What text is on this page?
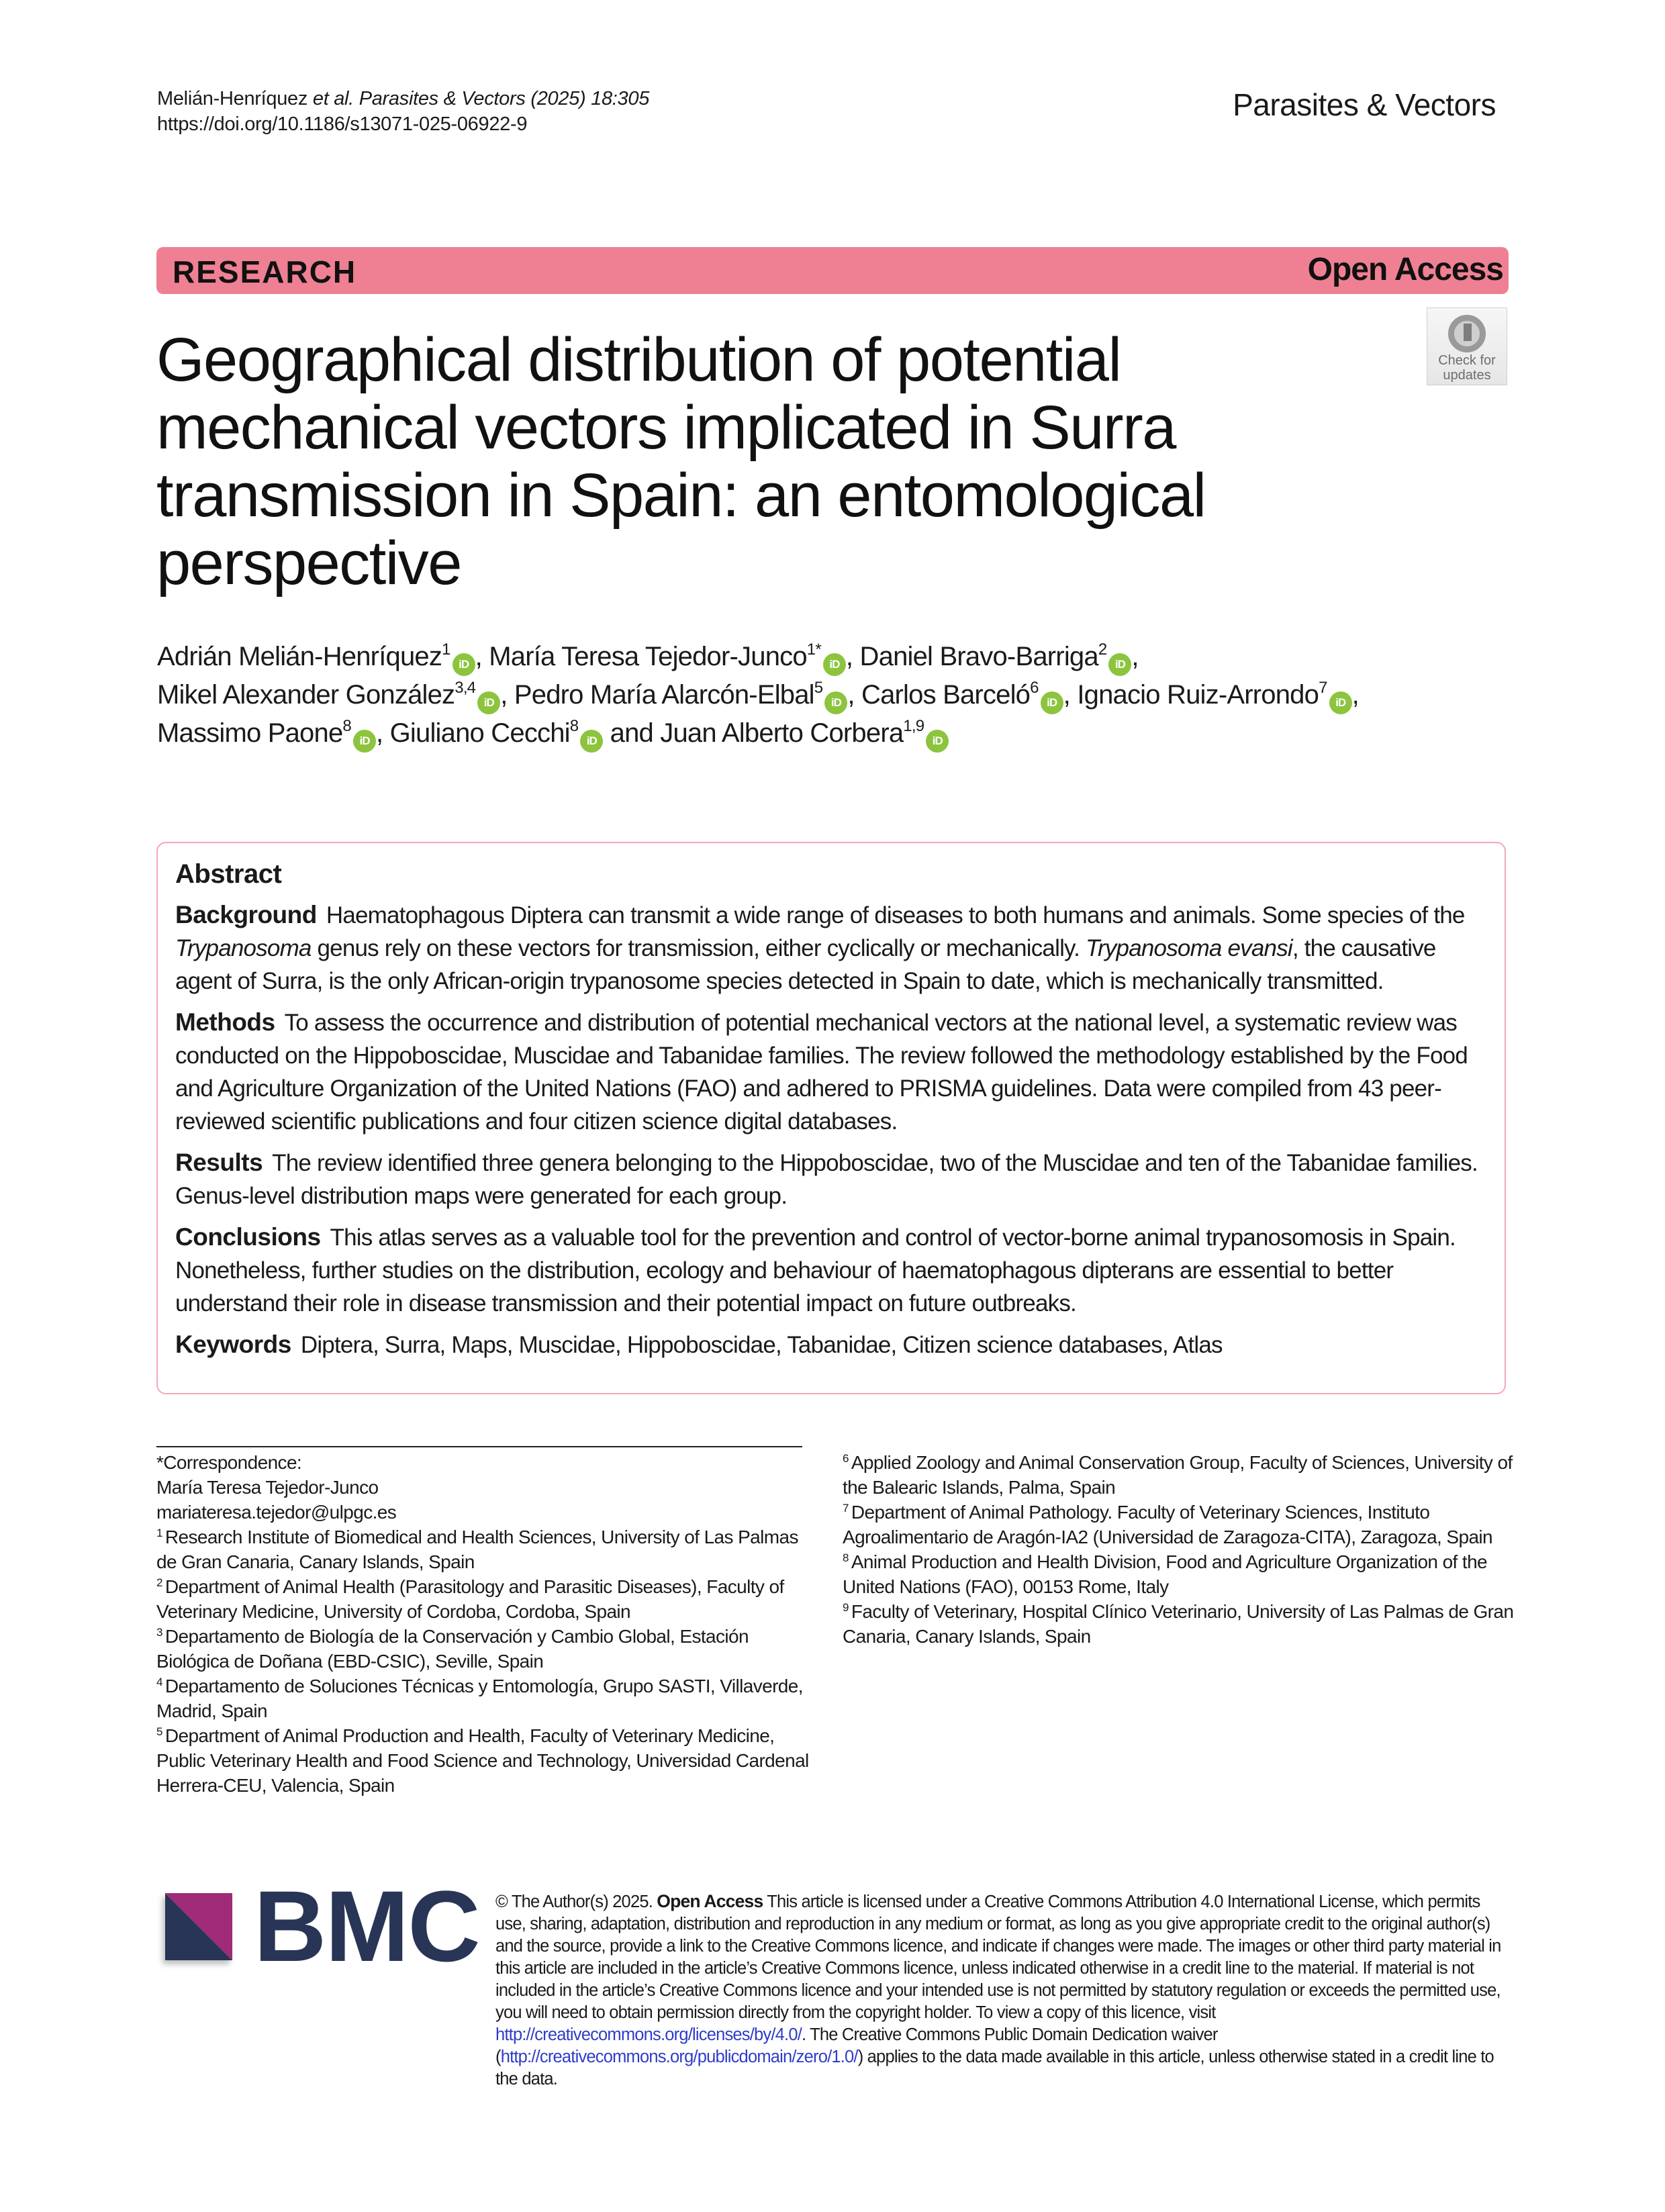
Melián-Henríquez et al. Parasites & Vectors (2025) 18:305
https://doi.org/10.1186/s13071-025-06922-9
Parasites & Vectors
RESEARCH	Open Access
Check for
updates
Geographical distribution of potential mechanical vectors implicated in Surra transmission in Spain: an entomological perspective
Adrián Melián-Henríquez$^1$iD , María Teresa Tejedor-Junco$^{1*}$iD , Daniel Bravo-Barriga$^2$iD ,
Mikel Alexander González$^{3,4}$iD , Pedro María Alarcón-Elbal$^5$iD , Carlos Barceló$^6$iD , Ignacio Ruiz-Arrondo$^7$iD ,
Massimo Paone$^8$iD , Giuliano Cecchi$^8$iD and Juan Alberto Corbera$^{1,9}$iD
Abstract

Background Haematophagous Diptera can transmit a wide range of diseases to both humans and animals. Some species of the Trypanosoma genus rely on these vectors for transmission, either cyclically or mechanically. Trypanosoma evansi, the causative agent of Surra, is the only African-origin trypanosome species detected in Spain to date, which is mechanically transmitted.

Methods To assess the occurrence and distribution of potential mechanical vectors at the national level, a systematic review was conducted on the Hippoboscidae, Muscidae and Tabanidae families. The review followed the methodology established by the Food and Agriculture Organization of the United Nations (FAO) and adhered to PRISMA guidelines. Data were compiled from 43 peer-reviewed scientific publications and four citizen science digital databases.

Results The review identified three genera belonging to the Hippoboscidae, two of the Muscidae and ten of the Tabanidae families. Genus-level distribution maps were generated for each group.

Conclusions This atlas serves as a valuable tool for the prevention and control of vector-borne animal trypanosomosis in Spain. Nonetheless, further studies on the distribution, ecology and behaviour of haematophagous dipterans are essential to better understand their role in disease transmission and their potential impact on future outbreaks.

Keywords Diptera, Surra, Maps, Muscidae, Hippoboscidae, Tabanidae, Citizen science databases, Atlas

*Correspondence:
María Teresa Tejedor-Junco
mariateresa.tejedor@ulpgc.es
$^1$ Research Institute of Biomedical and Health Sciences, University of Las Palmas de Gran Canaria, Canary Islands, Spain
$^2$ Department of Animal Health (Parasitology and Parasitic Diseases), Faculty of Veterinary Medicine, University of Cordoba, Cordoba, Spain
$^3$ Departamento de Biología de la Conservación y Cambio Global, Estación Biológica de Doñana (EBD-CSIC), Seville, Spain
$^4$ Departamento de Soluciones Técnicas y Entomología, Grupo SASTI, Villaverde, Madrid, Spain
$^5$ Department of Animal Production and Health, Faculty of Veterinary Medicine, Public Veterinary Health and Food Science and Technology, Universidad Cardenal Herrera-CEU, Valencia, Spain
$^6$ Applied Zoology and Animal Conservation Group, Faculty of Sciences, University of the Balearic Islands, Palma, Spain
$^7$ Department of Animal Pathology. Faculty of Veterinary Sciences, Instituto Agroalimentario de Aragón-IA2 (Universidad de Zaragoza-CITA), Zaragoza, Spain
$^8$ Animal Production and Health Division, Food and Agriculture Organization of the United Nations (FAO), 00153 Rome, Italy
$^9$ Faculty of Veterinary, Hospital Clínico Veterinario, University of Las Palmas de Gran Canaria, Canary Islands, Spain
BMC © The Author(s) 2025. Open Access This article is licensed under a Creative Commons Attribution 4.0 International License, which permits use, sharing, adaptation, distribution and reproduction in any medium or format, as long as you give appropriate credit to the original author(s) and the source, provide a link to the Creative Commons licence, and indicate if changes were made. The images or other third party material in this article are included in the article’s Creative Commons licence, unless indicated otherwise in a credit line to the material. If material is not included in the article’s Creative Commons licence and your intended use is not permitted by statutory regulation or exceeds the permitted use, you will need to obtain permission directly from the copyright holder. To view a copy of this licence, visit http://creativecommons.org/licenses/by/4.0/. The Creative Commons Public Domain Dedication waiver (http://creativecommons.org/publicdomain/zero/1.0/) applies to the data made available in this article, unless otherwise stated in a credit line to the data.
